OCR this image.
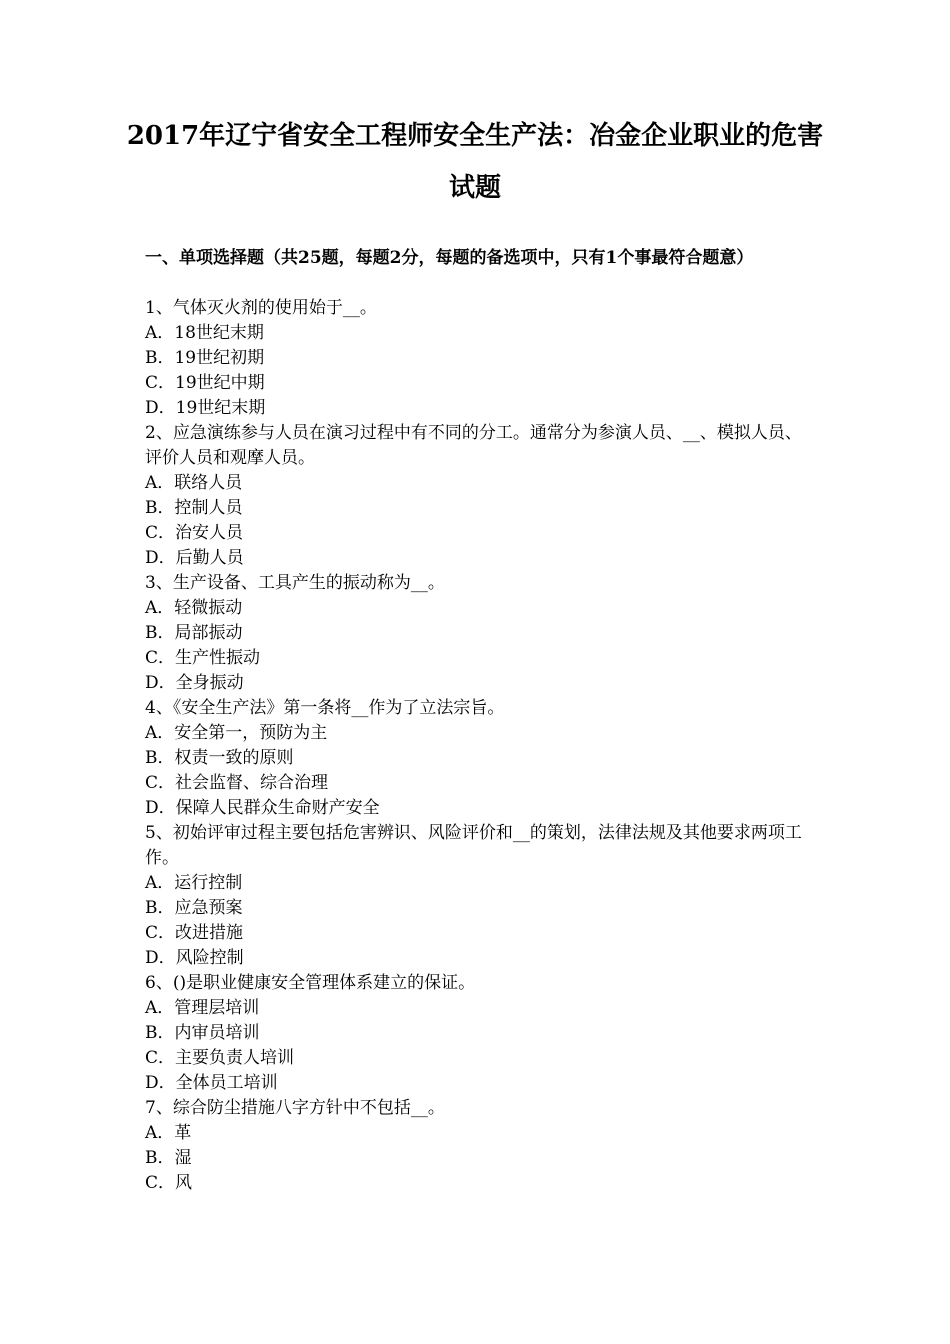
2017年辽宁省安全工程师安全生产法：冶金企业职业的危害试题
一、单项选择题（共25题，每题2分，每题的备选项中，只有1个事最符合题意）

1、气体灭火剂的使用始于__。

A．18世纪末期

B．19世纪初期

C．19世纪中期

D．19世纪末期

2、应急演练参与人员在演习过程中有不同的分工。通常分为参演人员、__、模拟人员、评价人员和观摩人员。

A．联络人员

B．控制人员

C．治安人员

D．后勤人员

3、生产设备、工具产生的振动称为__。

A．轻微振动

B．局部振动

C．生产性振动

D．全身振动

4、《安全生产法》第一条将__作为了立法宗旨。

A．安全第一，预防为主

B．权责一致的原则

C．社会监督、综合治理

D．保障人民群众生命财产安全

5、初始评审过程主要包括危害辨识、风险评价和__的策划，法律法规及其他要求两项工作。

A．运行控制

B．应急预案

C．改进措施

D．风险控制

6、()是职业健康安全管理体系建立的保证。

A．管理层培训

B．内审员培训

C．主要负责人培训

D．全体员工培训

7、综合防尘措施八字方针中不包括__。

A．革

B．湿

C．风
